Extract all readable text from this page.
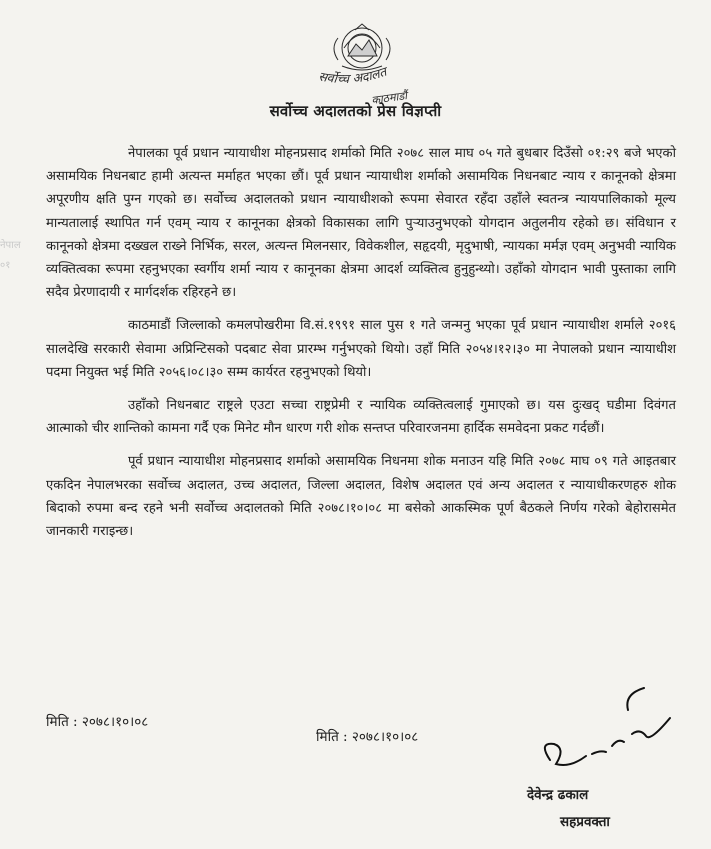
सर्वोच्च अदालत
काठमाडौं
नेपाल
०१
सर्वोच्च अदालतको प्रेस विज्ञप्ती

नेपालका पूर्व प्रधान न्यायाधीश मोहनप्रसाद शर्माको मिति २०७८ साल माघ ०५ गते बुधबार दिउँसो ०१:२९ बजे भएको असामयिक निधनबाट हामी अत्यन्त मर्माहत भएका छौं। पूर्व प्रधान न्यायाधीश शर्माको असामयिक निधनबाट न्याय र कानूनको क्षेत्रमा अपूरणीय क्षति पुग्न गएको छ। सर्वोच्च अदालतको प्रधान न्यायाधीशको रूपमा सेवारत रहँदा उहाँले स्वतन्त्र न्यायपालिकाको मूल्य मान्यतालाई स्थापित गर्न एवम् न्याय र कानूनका क्षेत्रको विकासका लागि पुऱ्याउनुभएको योगदान अतुलनीय रहेको छ। संविधान र कानूनको क्षेत्रमा दख्खल राख्ने निर्भिक, सरल, अत्यन्त मिलनसार, विवेकशील, सहृदयी, मृदुभाषी, न्यायका मर्मज्ञ एवम् अनुभवी न्यायिक व्यक्तित्वका रूपमा रहनुभएका स्वर्गीय शर्मा न्याय र कानूनका क्षेत्रमा आदर्श व्यक्तित्व हुनुहुन्थ्यो। उहाँको योगदान भावी पुस्ताका लागि सदैव प्रेरणादायी र मार्गदर्शक रहिरहने छ।

काठमाडौं जिल्लाको कमलपोखरीमा वि.सं.१९९१ साल पुस १ गते जन्मनु भएका पूर्व प्रधान न्यायाधीश शर्माले २०१६ सालदेखि सरकारी सेवामा अप्रिन्टिसको पदबाट सेवा प्रारम्भ गर्नुभएको थियो। उहाँ मिति २०५४।१२।३० मा नेपालको प्रधान न्यायाधीश पदमा नियुक्त भई मिति २०५६।०८।३० सम्म कार्यरत रहनुभएको थियो।

उहाँको निधनबाट राष्ट्रले एउटा सच्चा राष्ट्रप्रेमी र न्यायिक व्यक्तित्वलाई गुमाएको छ। यस दुःखद् घडीमा दिवंगत आत्माको चीर शान्तिको कामना गर्दै एक मिनेट मौन धारण गरी शोक सन्तप्त परिवारजनमा हार्दिक समवेदना प्रकट गर्दछौं।

पूर्व प्रधान न्यायाधीश मोहनप्रसाद शर्माको असामयिक निधनमा शोक मनाउन यहि मिति २०७८ माघ ०९ गते आइतबार एकदिन नेपालभरका सर्वोच्च अदालत, उच्च अदालत, जिल्ला अदालत, विशेष अदालत एवं अन्य अदालत र न्यायाधीकरणहरु शोक बिदाको रुपमा बन्द रहने भनी सर्वोच्च अदालतको मिति २०७८।१०।०८ मा बसेको आकस्मिक पूर्ण बैठकले निर्णय गरेको बेहोरासमेत जानकारी गराइन्छ।

मिति : २०७८।१०।०८
मिति : २०७८।१०।०८
देवेन्द्र ढकाल
सहप्रवक्ता
